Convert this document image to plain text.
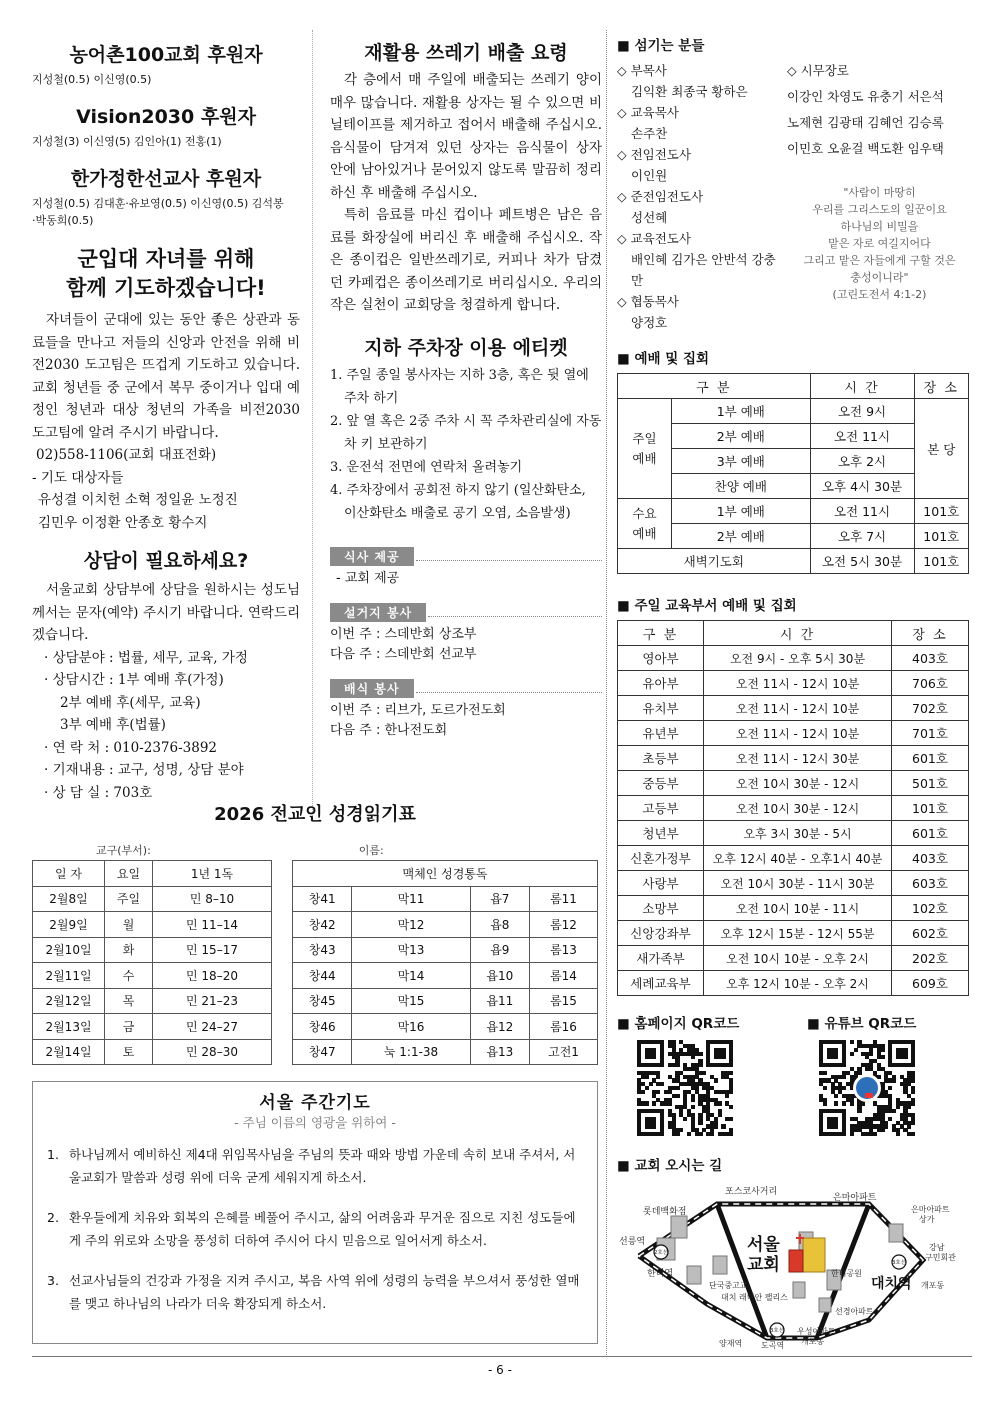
농어촌100교회 후원자
지성철(0.5) 이신영(0.5)
Vision2030 후원자
지성철(3) 이신영(5) 김인아(1) 전홍(1)
한가정한선교사 후원자
지성철(0.5) 김대훈·유보영(0.5) 이신영(0.5) 김석봉
·박동희(0.5)
군입대 자녀를 위해
함께 기도하겠습니다!

자녀들이 군대에 있는 동안 좋은 상관과 동료들을 만나고 저들의 신앙과 안전을 위해 비전2030 도고팀은 뜨겁게 기도하고 있습니다. 교회 청년들 중 군에서 복무 중이거나 입대 예정인 청년과 대상 청년의 가족을 비전2030 도고팀에 알려 주시기 바랍니다.

02)558-1106(교회 대표전화)
- 기도 대상자들
유성결 이치헌 소혁 정일윤 노정진
김민우 이정환 안종호 황수지
상담이 필요하세요?

서울교회 상담부에 상담을 원하시는 성도님께서는 문자(예약) 주시기 바랍니다. 연락드리겠습니다.

· 상담분야 : 법률, 세무, 교육, 가정
· 상담시간 : 1부 예배 후(가정)
2부 예배 후(세무, 교육)
3부 예배 후(법률)
· 연 락 처 : 010-2376-3892
· 기재내용 : 교구, 성명, 상담 분야
· 상 담 실 : 703호
재활용 쓰레기 배출 요령

각 층에서 매 주일에 배출되는 쓰레기 양이 매우 많습니다. 재활용 상자는 될 수 있으면 비닐테이프를 제거하고 접어서 배출해 주십시오. 음식물이 담겨져 있던 상자는 음식물이 상자 안에 남아있거나 묻어있지 않도록 말끔히 정리하신 후 배출해 주십시오.

특히 음료를 마신 컵이나 페트병은 남은 음료를 화장실에 버리신 후 배출해 주십시오. 작은 종이컵은 일반쓰레기로, 커피나 차가 담겼던 카페컵은 종이쓰레기로 버리십시오. 우리의 작은 실천이 교회당을 청결하게 합니다.

지하 주차장 이용 에티켓
1. 주일 종일 봉사자는 지하 3층, 혹은 뒷 열에 주차 하기
2. 앞 열 혹은 2중 주차 시 꼭 주차관리실에 자동차 키 보관하기
3. 운전석 전면에 연락처 올려놓기
4. 주차장에서 공회전 하지 않기 (일산화탄소, 이산화탄소 배출로 공기 오염, 소음발생)
식사 제공
- 교회 제공
설거지 봉사
이번 주 : 스데반회 상조부
다음 주 : 스데반회 선교부
배식 봉사
이번 주 : 리브가, 도르가전도회
다음 주 : 한나전도회
2026 전교인 성경읽기표
교구(부서):	이름:
일 자	요일	1년 1독
2월8일	주일	민 8–10
2월9일	월	민 11–14
2월10일	화	민 15–17
2월11일	수	민 18–20
2월12일	목	민 21–23
2월13일	금	민 24–27
2월14일	토	민 28–30
맥체인 성경통독			
창41	막11	욥7	롬11
창42	막12	욥8	롬12
창43	막13	욥9	롬13
창44	막14	욥10	롬14
창45	막15	욥11	롬15
창46	막16	욥12	롬16
창47	눅 1:1-38	욥13	고전1
서울 주간기도
- 주님 이름의 영광을 위하여 -
1. 하나님께서 예비하신 제4대 위임목사님을 주님의 뜻과 때와 방법 가운데 속히 보내 주셔서, 서울교회가 말씀과 성령 위에 더욱 굳게 세워지게 하소서.
2. 환우들에게 치유와 회복의 은혜를 베풀어 주시고, 삶의 어려움과 무거운 짐으로 지친 성도들에게 주의 위로와 소망을 풍성히 더하여 주시어 다시 믿음으로 일어서게 하소서.
3. 선교사님들의 건강과 가정을 지켜 주시고, 복음 사역 위에 성령의 능력을 부으셔서 풍성한 열매를 맺고 하나님의 나라가 더욱 확장되게 하소서.
■ 섬기는 분들
◇ 부목사
김익환 최종국 황하은
◇ 교육목사
손주찬
◇ 전임전도사
이인원
◇ 준전임전도사
성선혜
◇ 교육전도사
배인혜 김가은 안반석 강충만
◇ 협동목사
양정호
◇ 시무장로
이강인 차영도 유충기 서은석
노제현 김광태 김혜언 김승록
이민호 오윤걸 백도환 임우택
"사람이 마땅히
우리를 그리스도의 일꾼이요
하나님의 비밀을
맡은 자로 여길지어다
그리고 맡은 자들에게 구할 것은
충성이니라"
(고린도전서 4:1-2)
■ 예배 및 집회
구 분		시 간	장 소
주일
예배	1부 예배	오전 9시	본 당
	2부 예배	오전 11시	
	3부 예배	오후 2시	
	찬양 예배	오후 4시 30분	
수요
예배	1부 예배	오전 11시	101호
	2부 예배	오후 7시	101호
새벽기도회		오전 5시 30분	101호
■ 주일 교육부서 예배 및 집회
구 분	시 간	장 소
영아부	오전 9시 - 오후 5시 30분	403호
유아부	오전 11시 - 12시 10분	706호
유치부	오전 11시 - 12시 10분	702호
유년부	오전 11시 - 12시 10분	701호
초등부	오전 11시 - 12시 30분	601호
중등부	오전 10시 30분 - 12시	501호
고등부	오전 10시 30분 - 12시	101호
청년부	오후 3시 30분 - 5시	601호
신혼가정부	오후 12시 40분 - 오후1시 40분	403호
사랑부	오전 10시 30분 - 11시 30분	603호
소망부	오전 10시 10분 - 11시	102호
신앙강좌부	오후 12시 15분 - 12시 55분	602호
새가족부	오전 10시 10분 - 오후 2시	202호
세례교육부	오후 12시 10분 - 오후 2시	609호
■ 홈페이지 QR코드	■ 유튜브 QR코드
■ 교회 오시는 길
2호선
3호선
3호선
포스코사거리
롯데백화점
은마아파트
은마아파트
상가
선릉역
강남
구민회관
한티역
단국중고교
대치 래미안 팰리스
한티공원
개포동
선경아파트
양재역 도곡역
우성아파트
개포동
서울
교회
대치역
- 6 -
